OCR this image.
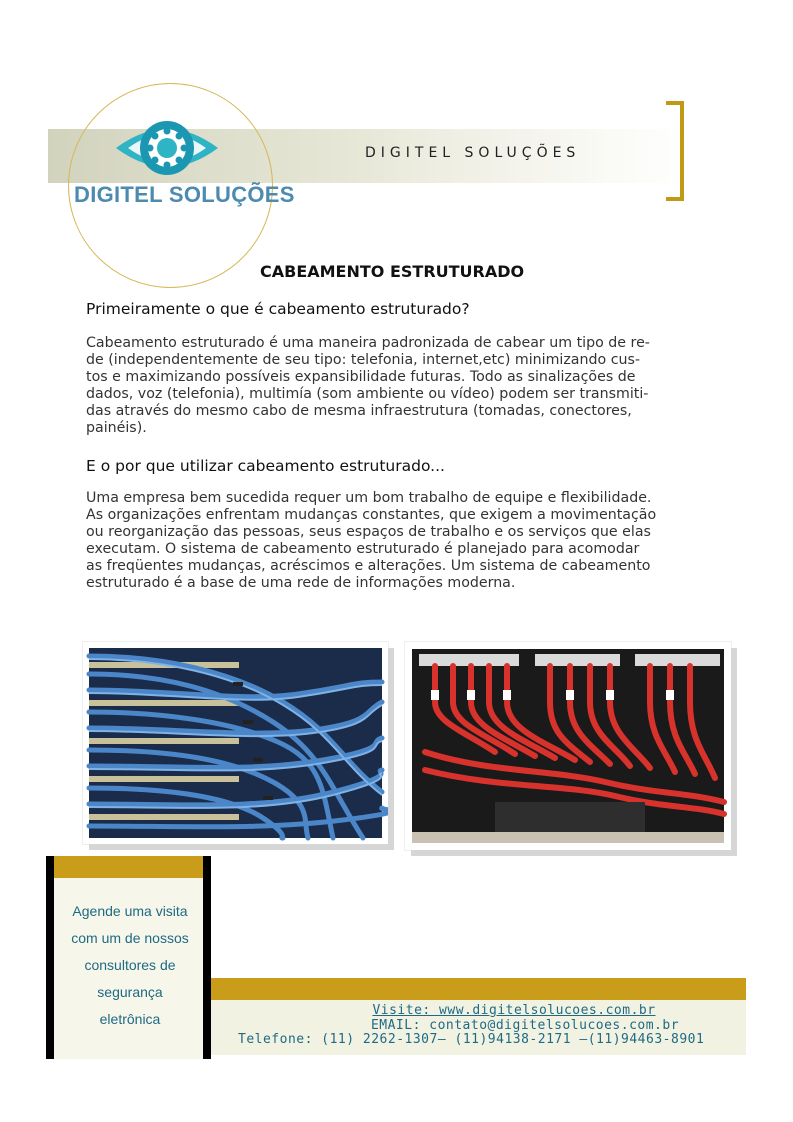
DIGITEL SOLUÇÕES
DIGITEL SOLUÇÕES
CABEAMENTO ESTRUTURADO
Primeiramente o que é cabeamento estruturado?
Cabeamento estruturado é uma maneira padronizada de cabear um tipo de re-
de (independentemente de seu tipo: telefonia, internet,etc) minimizando cus-
tos e maximizando possíveis expansibilidade futuras. Todo as sinalizações de
dados, voz (telefonia), multimía (som ambiente ou vídeo) podem ser transmiti-
das através do mesmo cabo de mesma infraestrutura (tomadas, conectores,
painéis).
E o por que utilizar cabeamento estruturado...
Uma empresa bem sucedida requer um bom trabalho de equipe e flexibilidade.
As organizações enfrentam mudanças constantes, que exigem a movimentação
ou reorganização das pessoas, seus espaços de trabalho e os serviços que elas
executam. O sistema de cabeamento estruturado é planejado para acomodar
as freqüentes mudanças, acréscimos e alterações. Um sistema de cabeamento
estruturado é a base de uma rede de informações moderna.
Agende uma visita
com um de nossos
consultores de
segurança
eletrônica
Visite: www.digitelsolucoes.com.br
EMAIL: contato@digitelsolucoes.com.br
Telefone: (11) 2262-1307— (11)94138-2171 —(11)94463-8901
